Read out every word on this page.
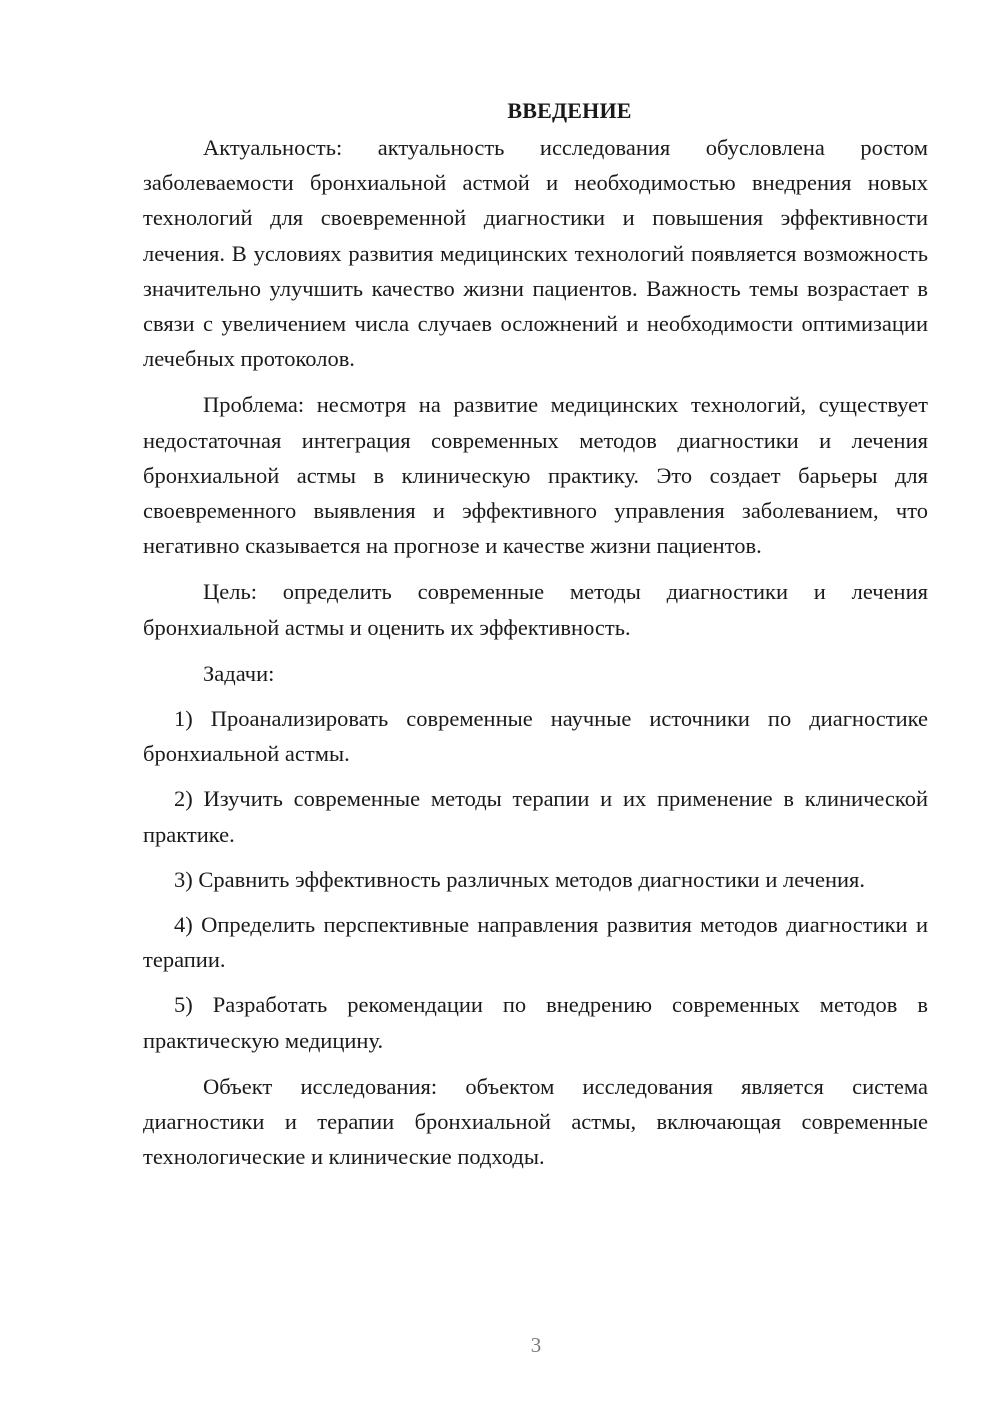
ВВЕДЕНИЕ

Актуальность: актуальность исследования обусловлена ростом заболеваемости бронхиальной астмой и необходимостью внедрения новых технологий для своевременной диагностики и повышения эффективности лечения. В условиях развития медицинских технологий появляется возможность значительно улучшить качество жизни пациентов. Важность темы возрастает в связи с увеличением числа случаев осложнений и необходимости оптимизации лечебных протоколов.

Проблема: несмотря на развитие медицинских технологий, существует недостаточная интеграция современных методов диагностики и лечения бронхиальной астмы в клиническую практику. Это создает барьеры для своевременного выявления и эффективного управления заболеванием, что негативно сказывается на прогнозе и качестве жизни пациентов.

Цель: определить современные методы диагностики и лечения бронхиальной астмы и оценить их эффективность.

Задачи:

1) Проанализировать современные научные источники по диагностике бронхиальной астмы.

2) Изучить современные методы терапии и их применение в клинической практике.

3) Сравнить эффективность различных методов диагностики и лечения.

4) Определить перспективные направления развития методов диагностики и терапии.

5) Разработать рекомендации по внедрению современных методов в практическую медицину.

Объект исследования: объектом исследования является система диагностики и терапии бронхиальной астмы, включающая современные технологические и клинические подходы.

3
